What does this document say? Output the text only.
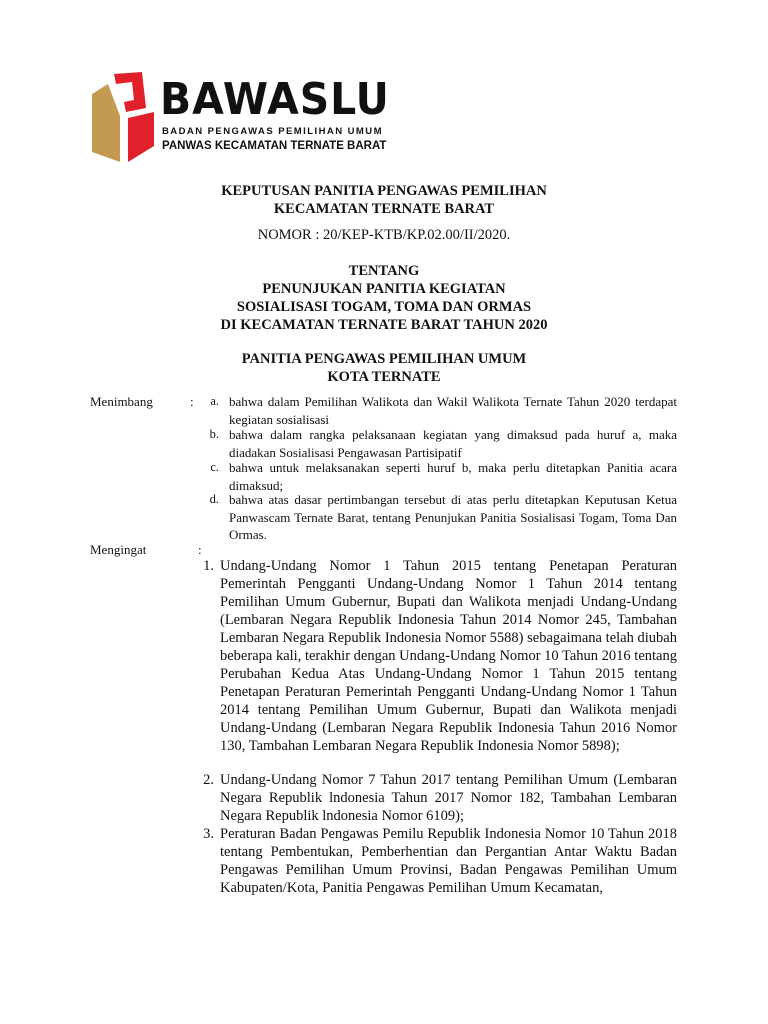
BAWASLU
BADAN PENGAWAS PEMILIHAN UMUM
PANWAS KECAMATAN TERNATE BARAT

KEPUTUSAN PANITIA PENGAWAS PEMILIHAN

KECAMATAN TERNATE BARAT

NOMOR : 20/KEP-KTB/KP.02.00/II/2020.

TENTANG

PENUNJUKAN PANITIA KEGIATAN

SOSIALISASI TOGAM, TOMA DAN ORMAS

DI KECAMATAN TERNATE BARAT TAHUN 2020

PANITIA PENGAWAS PEMILIHAN UMUM

KOTA TERNATE

Menimbang	:	a. bahwa dalam Pemilihan Walikota dan Wakil Walikota Ternate Tahun 2020 terdapat kegiatan sosialisasi
b. bahwa dalam rangka pelaksanaan kegiatan yang dimaksud pada huruf a, maka diadakan Sosialisasi Pengawasan Partisipatif
c. bahwa untuk melaksanakan seperti huruf b, maka perlu ditetapkan Panitia acara dimaksud;
d. bahwa atas dasar pertimbangan tersebut di atas perlu ditetapkan Keputusan Ketua Panwascam Ternate Barat, tentang Penunjukan Panitia Sosialisasi Togam, Toma Dan Ormas.
Mengingat	:
1. Undang-Undang Nomor 1 Tahun 2015 tentang Penetapan Peraturan Pemerintah Pengganti Undang-Undang Nomor 1 Tahun 2014 tentang Pemilihan Umum Gubernur, Bupati dan Walikota menjadi Undang-Undang (Lembaran Negara Republik Indonesia Tahun 2014 Nomor 245, Tambahan Lembaran Negara Republik Indonesia Nomor 5588) sebagaimana telah diubah beberapa kali, terakhir dengan Undang-Undang Nomor 10 Tahun 2016 tentang Perubahan Kedua Atas Undang-Undang Nomor 1 Tahun 2015 tentang Penetapan Peraturan Pemerintah Pengganti Undang-Undang Nomor 1 Tahun 2014 tentang Pemilihan Umum Gubernur, Bupati dan Walikota menjadi Undang-Undang (Lembaran Negara Republik Indonesia Tahun 2016 Nomor 130, Tambahan Lembaran Negara Republik Indonesia Nomor 5898);
2. Undang-Undang Nomor 7 Tahun 2017 tentang Pemilihan Umum (Lembaran Negara Republik lndonesia Tahun 2017 Nomor 182, Tambahan Lembaran Negara Republik lndonesia Nomor 6109);
3. Peraturan Badan Pengawas Pemilu Republik Indonesia Nomor 10 Tahun 2018 tentang Pembentukan, Pemberhentian dan Pergantian Antar Waktu Badan Pengawas Pemilihan Umum Provinsi, Badan Pengawas Pemilihan Umum Kabupaten/Kota, Panitia Pengawas Pemilihan Umum Kecamatan,
